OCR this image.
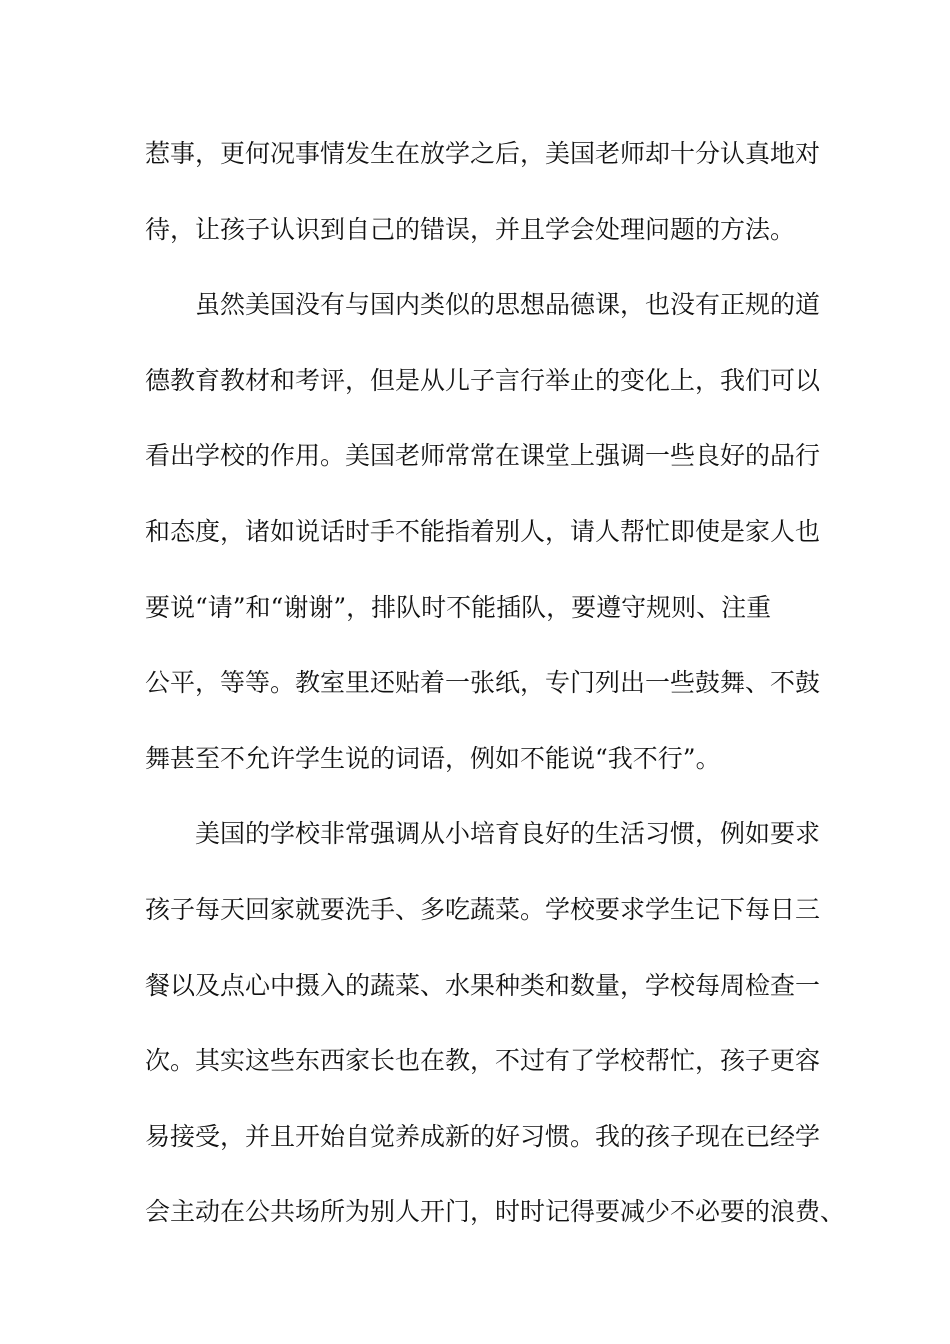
惹事，更何况事情发生在放学之后，美国老师却十分认真地对
待，让孩子认识到自己的错误，并且学会处理问题的方法。
虽然美国没有与国内类似的思想品德课，也没有正规的道
德教育教材和考评，但是从儿子言行举止的变化上，我们可以
看出学校的作用。美国老师常常在课堂上强调一些良好的品行
和态度，诸如说话时手不能指着别人，请人帮忙即使是家人也
要说“请”和“谢谢”，排队时不能插队，要遵守规则、注重
公平，等等。教室里还贴着一张纸，专门列出一些鼓舞、不鼓
舞甚至不允许学生说的词语，例如不能说“我不行”。
美国的学校非常强调从小培育良好的生活习惯，例如要求
孩子每天回家就要洗手、多吃蔬菜。学校要求学生记下每日三
餐以及点心中摄入的蔬菜、水果种类和数量，学校每周检查一
次。其实这些东西家长也在教，不过有了学校帮忙，孩子更容
易接受，并且开始自觉养成新的好习惯。我的孩子现在已经学
会主动在公共场所为别人开门，时时记得要减少不必要的浪费、
